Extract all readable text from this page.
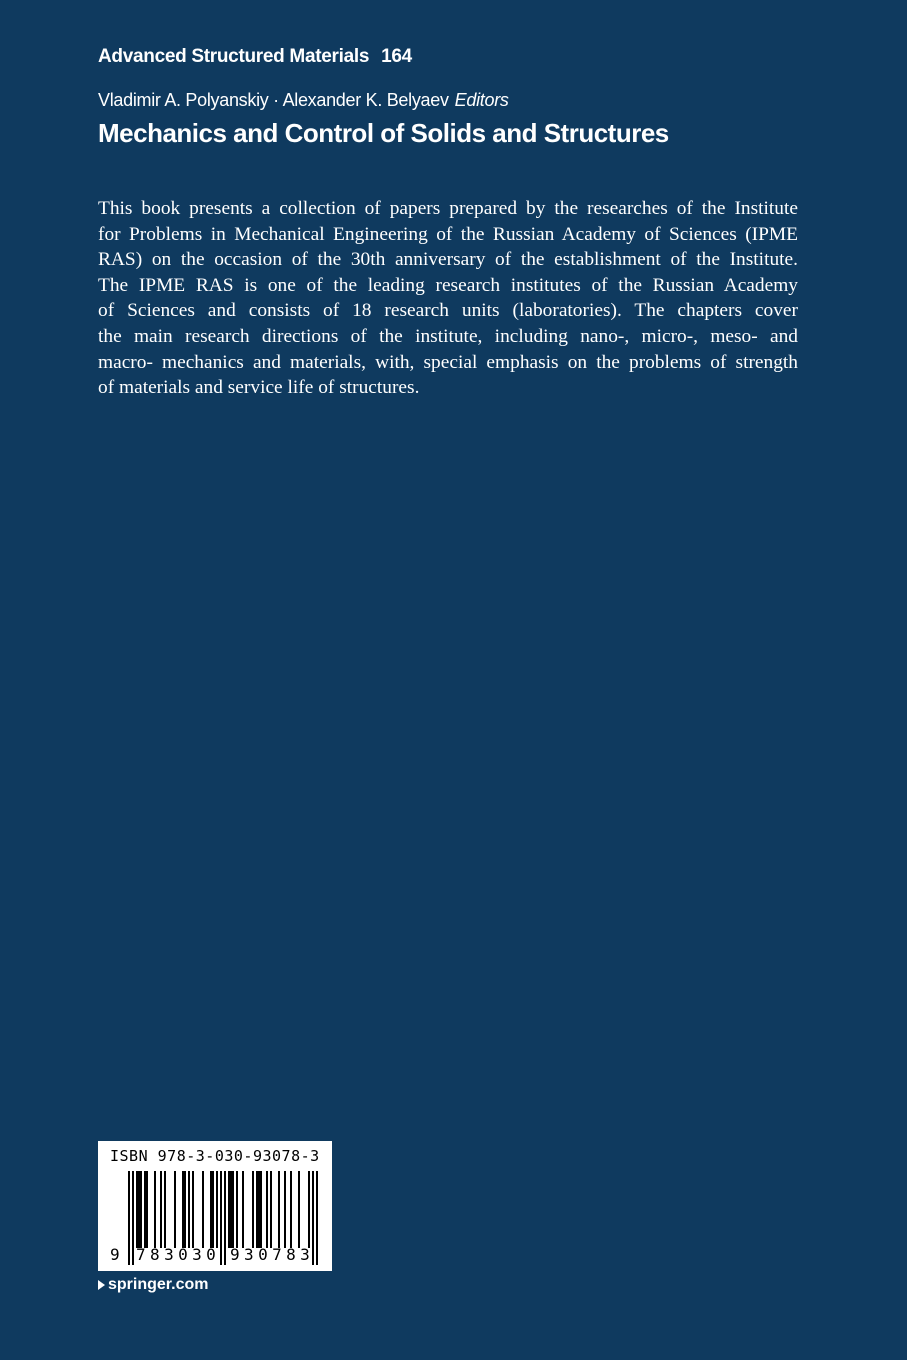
Advanced Structured Materials 164
Vladimir A. Polyanskiy · Alexander K. Belyaev Editors
Mechanics and Control of Solids and Structures

This book presents a collection of papers prepared by the researches of the Institutefor Problems in Mechanical Engineering of the Russian Academy of Sciences (IPMERAS) on the occasion of the 30th anniversary of the establishment of the Institute.The IPME RAS is one of the leading research institutes of the Russian Academyof Sciences and consists of 18 research units (laboratories). The chapters coverthe main research directions of the institute, including nano-, micro-, meso- andmacro- mechanics and materials, with, special emphasis on the problems of strengthof materials and service life of structures.

ISBN 978-3-030-93078-3
9 783030 930783
springer.com
